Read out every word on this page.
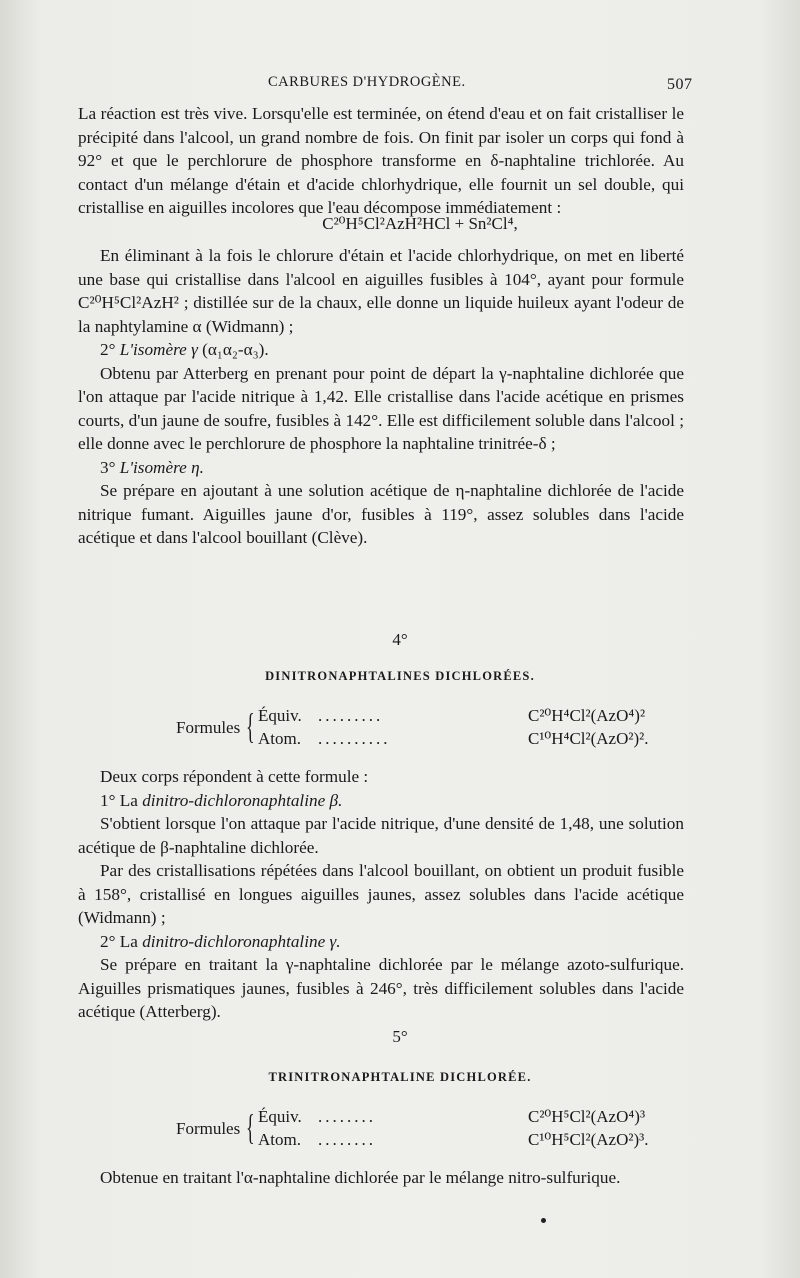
CARBURES D'HYDROGÈNE.	507

La réaction est très vive. Lorsqu'elle est terminée, on étend d'eau et on fait cristalliser le précipité dans l'alcool, un grand nombre de fois. On finit par isoler un corps qui fond à 92° et que le perchlorure de phosphore transforme en δ-naphtaline trichlorée. Au contact d'un mélange d'étain et d'acide chlorhydrique, elle fournit un sel double, qui cristallise en aiguilles incolores que l'eau décompose immédiatement :

C²⁰H⁵Cl²AzH²HCl + Sn²Cl⁴,

En éliminant à la fois le chlorure d'étain et l'acide chlorhydrique, on met en liberté une base qui cristallise dans l'alcool en aiguilles fusibles à 104°, ayant pour formule C²⁰H⁵Cl²AzH² ; distillée sur de la chaux, elle donne un liquide huileux ayant l'odeur de la naphtylamine α (Widmann) ;

2° L'isomère γ (α₁α₂-α₃).

Obtenu par Atterberg en prenant pour point de départ la γ-naphtaline dichlorée que l'on attaque par l'acide nitrique à 1,42. Elle cristallise dans l'acide acétique en prismes courts, d'un jaune de soufre, fusibles à 142°. Elle est difficilement soluble dans l'alcool ; elle donne avec le perchlorure de phosphore la naphtaline trinitrée-δ ;

3° L'isomère η.

Se prépare en ajoutant à une solution acétique de η-naphtaline dichlorée de l'acide nitrique fumant. Aiguilles jaune d'or, fusibles à 119°, assez solubles dans l'acide acétique et dans l'alcool bouillant (Clève).

4°
DINITRONAPHTALINES DICHLORÉES.
Formules { Équiv. .........	C²⁰H⁴Cl²(AzO⁴)²
Atom. ..........	C¹⁰H⁴Cl²(AzO²)².

Deux corps répondent à cette formule :

1° La dinitro-dichloronaphtaline β.

S'obtient lorsque l'on attaque par l'acide nitrique, d'une densité de 1,48, une solution acétique de β-naphtaline dichlorée.

Par des cristallisations répétées dans l'alcool bouillant, on obtient un produit fusible à 158°, cristallisé en longues aiguilles jaunes, assez solubles dans l'acide acétique (Widmann) ;

2° La dinitro-dichloronaphtaline γ.

Se prépare en traitant la γ-naphtaline dichlorée par le mélange azoto-sulfurique. Aiguilles prismatiques jaunes, fusibles à 246°, très difficilement solubles dans l'acide acétique (Atterberg).

5°
TRINITRONAPHTALINE DICHLORÉE.
Formules { Équiv. ........	C²⁰H⁵Cl²(AzO⁴)³
Atom. ........	C¹⁰H⁵Cl²(AzO²)³.

Obtenue en traitant l'α-naphtaline dichlorée par le mélange nitro-sulfurique.
